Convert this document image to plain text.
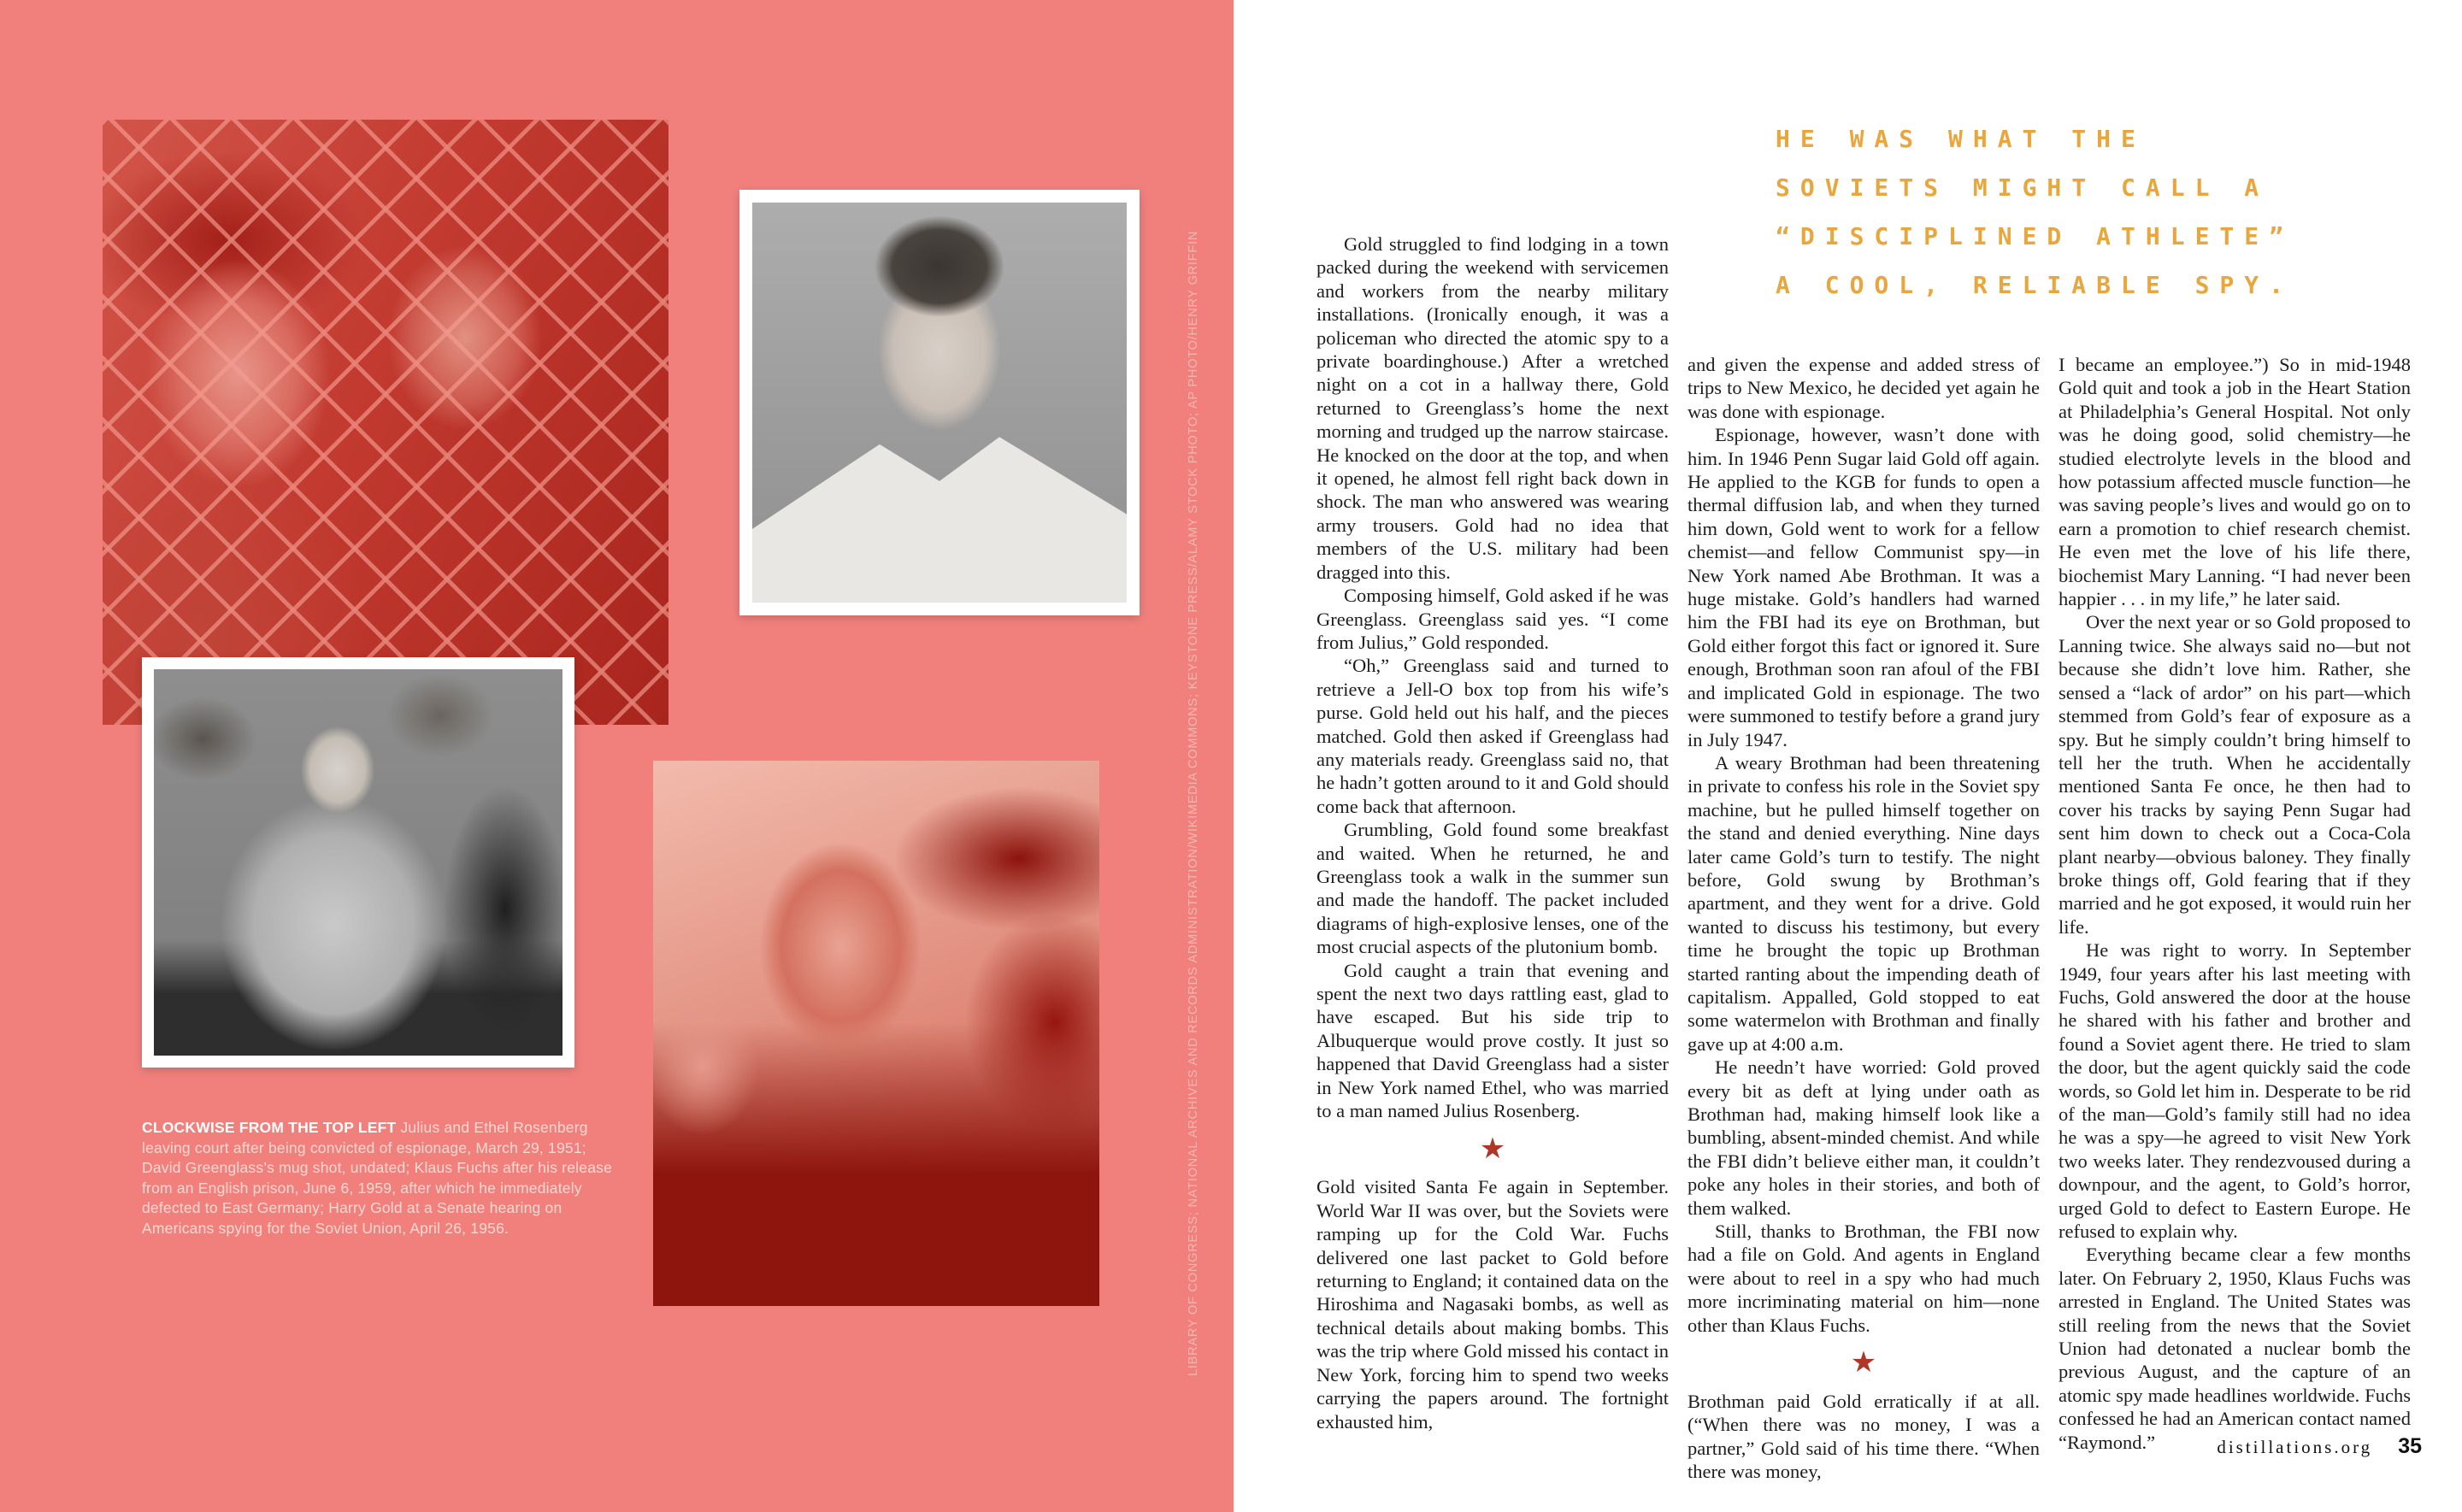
CLOCKWISE FROM THE TOP LEFT Julius and Ethel Rosenberg leaving court after being convicted of espionage, March 29, 1951; David Greenglass’s mug shot, undated; Klaus Fuchs after his release from an English prison, June 6, 1959, after which he immediately defected to East Germany; Harry Gold at a Senate hearing on Americans spying for the Soviet Union, April 26, 1956.	LIBRARY OF CONGRESS; NATIONAL ARCHIVES AND RECORDS ADMINISTRATION/WIKIMEDIA COMMONS; KEYSTONE PRESS/ALAMY STOCK PHOTO; AP PHOTO/HENRY GRIFFIN
HE WAS WHAT THE
SOVIETS MIGHT CALL A
“DISCIPLINED ATHLETE”
A COOL, RELIABLE SPY.

Gold struggled to find lodging in a town packed during the weekend with servicemen and workers from the nearby military installations. (Ironically enough, it was a policeman who directed the atomic spy to a private boardinghouse.) After a wretched night on a cot in a hallway there, Gold returned to Greenglass’s home the next morning and trudged up the narrow staircase. He knocked on the door at the top, and when it opened, he almost fell right back down in shock. The man who answered was wearing army trousers. Gold had no idea that members of the U.S. military had been dragged into this.

Composing himself, Gold asked if he was Greenglass. Greenglass said yes. “I come from Julius,” Gold responded.

“Oh,” Greenglass said and turned to retrieve a Jell-O box top from his wife’s purse. Gold held out his half, and the pieces matched. Gold then asked if Greenglass had any materials ready. Greenglass said no, that he hadn’t gotten around to it and Gold should come back that afternoon.

Grumbling, Gold found some breakfast and waited. When he returned, he and Greenglass took a walk in the summer sun and made the handoff. The packet included diagrams of high-explosive lenses, one of the most crucial aspects of the plutonium bomb.

Gold caught a train that evening and spent the next two days rattling east, glad to have escaped. But his side trip to Albuquerque would prove costly. It just so happened that David Greenglass had a sister in New York named Ethel, who was married to a man named Julius Rosenberg.

★

Gold visited Santa Fe again in September. World War II was over, but the Soviets were ramping up for the Cold War. Fuchs delivered one last packet to Gold before returning to England; it contained data on the Hiroshima and Nagasaki bombs, as well as technical details about making bombs. This was the trip where Gold missed his contact in New York, forcing him to spend two weeks carrying the papers around. The fortnight exhausted him,

and given the expense and added stress of trips to New Mexico, he decided yet again he was done with espionage.

Espionage, however, wasn’t done with him. In 1946 Penn Sugar laid Gold off again. He applied to the KGB for funds to open a thermal diffusion lab, and when they turned him down, Gold went to work for a fellow chemist—and fellow Communist spy—in New York named Abe Brothman. It was a huge mistake. Gold’s handlers had warned him the FBI had its eye on Brothman, but Gold either forgot this fact or ignored it. Sure enough, Brothman soon ran afoul of the FBI and implicated Gold in espionage. The two were summoned to testify before a grand jury in July 1947.

A weary Brothman had been threatening in private to confess his role in the Soviet spy machine, but he pulled himself together on the stand and denied everything. Nine days later came Gold’s turn to testify. The night before, Gold swung by Brothman’s apartment, and they went for a drive. Gold wanted to discuss his testimony, but every time he brought the topic up Brothman started ranting about the impending death of capitalism. Appalled, Gold stopped to eat some watermelon with Brothman and finally gave up at 4:00 a.m.

He needn’t have worried: Gold proved every bit as deft at lying under oath as Brothman had, making himself look like a bumbling, absent-minded chemist. And while the FBI didn’t believe either man, it couldn’t poke any holes in their stories, and both of them walked.

Still, thanks to Brothman, the FBI now had a file on Gold. And agents in England were about to reel in a spy who had much more incriminating material on him—none other than Klaus Fuchs.

★

Brothman paid Gold erratically if at all. (“When there was no money, I was a partner,” Gold said of his time there. “When there was money,

I became an employee.”) So in mid-1948 Gold quit and took a job in the Heart Station at Philadelphia’s General Hospital. Not only was he doing good, solid chemistry—he studied electrolyte levels in the blood and how potassium affected muscle function—he was saving people’s lives and would go on to earn a promotion to chief research chemist. He even met the love of his life there, biochemist Mary Lanning. “I had never been happier . . . in my life,” he later said.

Over the next year or so Gold proposed to Lanning twice. She always said no—but not because she didn’t love him. Rather, she sensed a “lack of ardor” on his part—which stemmed from Gold’s fear of exposure as a spy. But he simply couldn’t bring himself to tell her the truth. When he accidentally mentioned Santa Fe once, he then had to cover his tracks by saying Penn Sugar had sent him down to check out a Coca-Cola plant nearby—obvious baloney. They finally broke things off, Gold fearing that if they married and he got exposed, it would ruin her life.

He was right to worry. In September 1949, four years after his last meeting with Fuchs, Gold answered the door at the house he shared with his father and brother and found a Soviet agent there. He tried to slam the door, but the agent quickly said the code words, so Gold let him in. Desperate to be rid of the man—Gold’s family still had no idea he was a spy—he agreed to visit New York two weeks later. They rendezvoused during a downpour, and the agent, to Gold’s horror, urged Gold to defect to Eastern Europe. He refused to explain why.

Everything became clear a few months later. On February 2, 1950, Klaus Fuchs was arrested in England. The United States was still reeling from the news that the Soviet Union had detonated a nuclear bomb the previous August, and the capture of an atomic spy made headlines worldwide. Fuchs confessed he had an American contact named “Raymond.”	distillations.org 35
